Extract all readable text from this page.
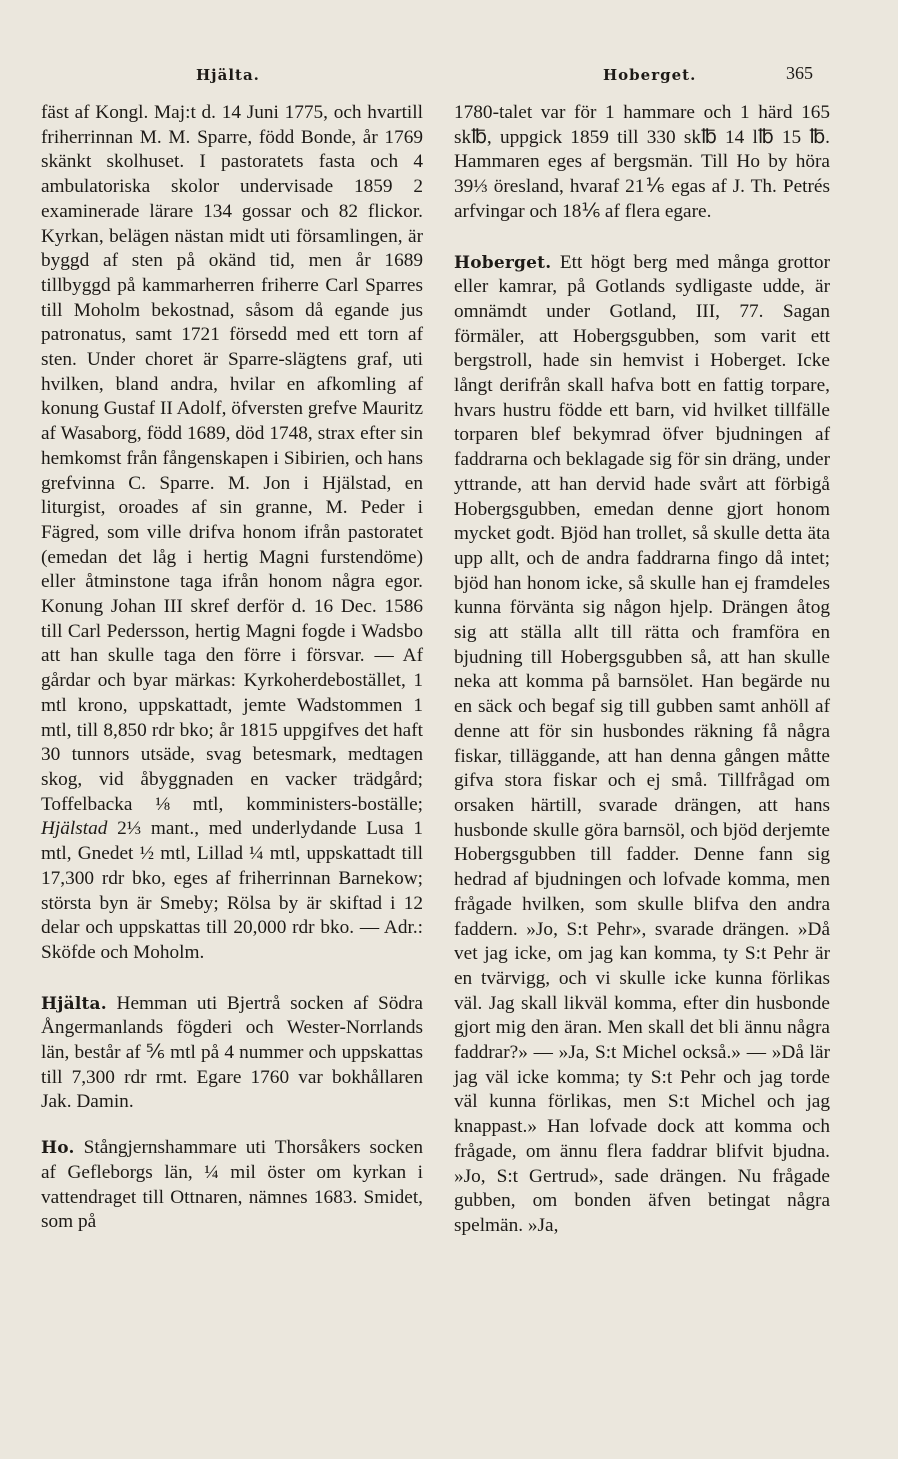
Hjälta.	Hoberget.	365

fäst af Kongl. Maj:t d. 14 Juni 1775, och hvartill friherrinnan M. M. Sparre, född Bonde, år 1769 skänkt skolhuset. I pastoratets fasta och 4 ambulatoriska skolor undervisade 1859 2 examinerade lärare 134 gossar och 82 flickor. Kyrkan, belägen nästan midt uti församlingen, är byggd af sten på okänd tid, men år 1689 tillbyggd på kammarherren friherre Carl Sparres till Moholm bekostnad, såsom då egande jus patronatus, samt 1721 försedd med ett torn af sten. Under choret är Sparre-slägtens graf, uti hvilken, bland andra, hvilar en afkomling af konung Gustaf II Adolf, öfversten grefve Mauritz af Wasaborg, född 1689, död 1748, strax efter sin hemkomst från fångenskapen i Sibirien, och hans grefvinna C. Sparre. M. Jon i Hjälstad, en liturgist, oroades af sin granne, M. Peder i Fägred, som ville drifva honom ifrån pastoratet (emedan det låg i hertig Magni furstendöme) eller åtminstone taga ifrån honom några egor. Konung Johan III skref derför d. 16 Dec. 1586 till Carl Pedersson, hertig Magni fogde i Wadsbo att han skulle taga den förre i försvar. — Af gårdar och byar märkas: Kyrkoherdebostället, 1 mtl krono, uppskattadt, jemte Wadstommen 1 mtl, till 8,850 rdr bko; år 1815 uppgifves det haft 30 tunnors utsäde, svag betesmark, medtagen skog, vid åbyggnaden en vacker trädgård; Toffelbacka ⅛ mtl, komministers-boställe; Hjälstad 2⅓ mant., med underlydande Lusa 1 mtl, Gnedet ½ mtl, Lillad ¼ mtl, uppskattadt till 17,300 rdr bko, eges af friherrinnan Barnekow; största byn är Smeby; Rölsa by är skiftad i 12 delar och uppskattas till 20,000 rdr bko. — Adr.: Sköfde och Moholm.

Hjälta. Hemman uti Bjertrå socken af Södra Ångermanlands fögderi och Wester-Norrlands län, består af ⅚ mtl på 4 nummer och uppskattas till 7,300 rdr rmt. Egare 1760 var bokhållaren Jak. Damin.

Ho. Stångjernshammare uti Thorsåkers socken af Gefleborgs län, ¼ mil öster om kyrkan i vattendraget till Ottnaren, nämnes 1683. Smidet, som på

1780-talet var för 1 hammare och 1 härd 165 sk℔, uppgick 1859 till 330 sk℔ 14 l℔ 15 ℔. Hammaren eges af bergsmän. Till Ho by höra 39⅓ öresland, hvaraf 21⅙ egas af J. Th. Petrés arfvingar och 18⅙ af flera egare.

Hoberget. Ett högt berg med många grottor eller kamrar, på Gotlands sydligaste udde, är omnämdt under Gotland, III, 77. Sagan förmäler, att Hobergsgubben, som varit ett bergstroll, hade sin hemvist i Hoberget. Icke långt derifrån skall hafva bott en fattig torpare, hvars hustru födde ett barn, vid hvilket tillfälle torparen blef bekymrad öfver bjudningen af faddrarna och beklagade sig för sin dräng, under yttrande, att han dervid hade svårt att förbigå Hobergsgubben, emedan denne gjort honom mycket godt. Bjöd han trollet, så skulle detta äta upp allt, och de andra faddrarna fingo då intet; bjöd han honom icke, så skulle han ej framdeles kunna förvänta sig någon hjelp. Drängen åtog sig att ställa allt till rätta och framföra en bjudning till Hobergsgubben så, att han skulle neka att komma på barnsölet. Han begärde nu en säck och begaf sig till gubben samt anhöll af denne att för sin husbondes räkning få några fiskar, tilläggande, att han denna gången måtte gifva stora fiskar och ej små. Tillfrågad om orsaken härtill, svarade drängen, att hans husbonde skulle göra barnsöl, och bjöd derjemte Hobergsgubben till fadder. Denne fann sig hedrad af bjudningen och lofvade komma, men frågade hvilken, som skulle blifva den andra faddern. »Jo, S:t Pehr», svarade drängen. »Då vet jag icke, om jag kan komma, ty S:t Pehr är en tvärvigg, och vi skulle icke kunna förlikas väl. Jag skall likväl komma, efter din husbonde gjort mig den äran. Men skall det bli ännu några faddrar?» — »Ja, S:t Michel också.» — »Då lär jag väl icke komma; ty S:t Pehr och jag torde väl kunna förlikas, men S:t Michel och jag knappast.» Han lofvade dock att komma och frågade, om ännu flera faddrar blifvit bjudna. »Jo, S:t Gertrud», sade drängen. Nu frågade gubben, om bonden äfven betingat några spelmän. »Ja,
